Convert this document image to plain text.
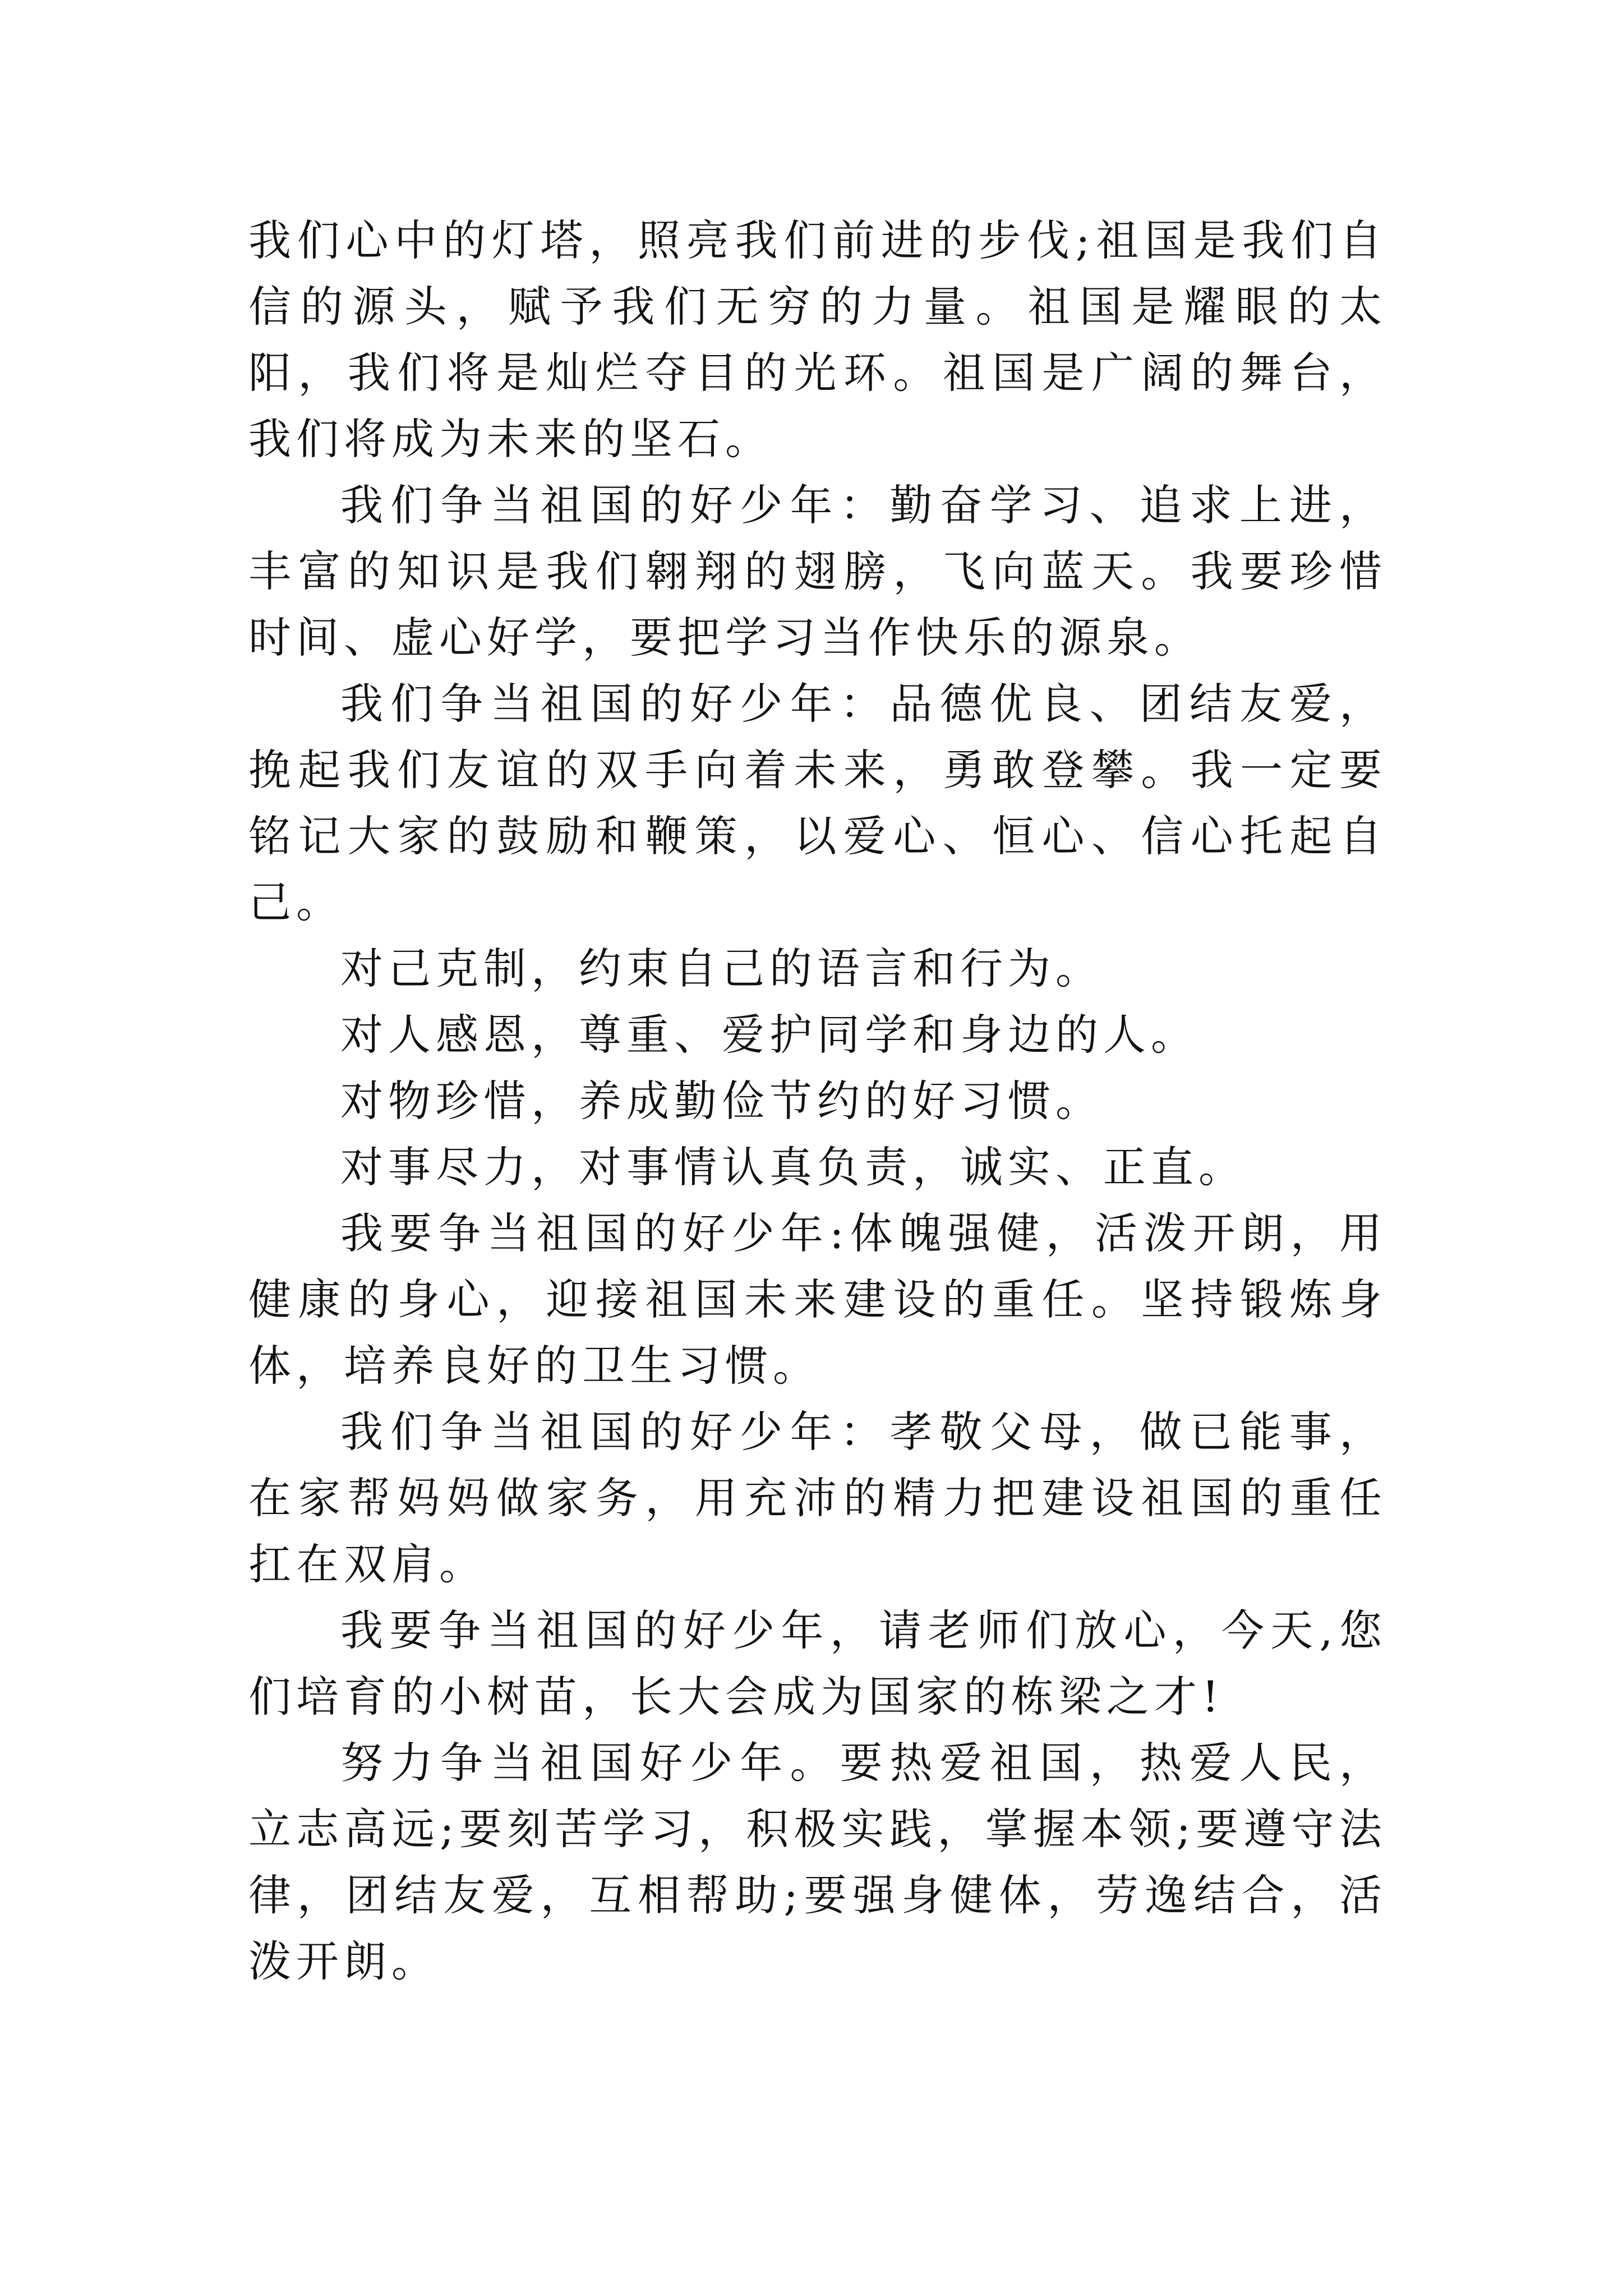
我们心中的灯塔，照亮我们前进的步伐;祖国是我们自信的源头，赋予我们无穷的力量。祖国是耀眼的太阳，我们将是灿烂夺目的光环。祖国是广阔的舞台，我们将成为未来的坚石。

我们争当祖国的好少年：勤奋学习、追求上进，丰富的知识是我们翱翔的翅膀，飞向蓝天。我要珍惜时间、虚心好学，要把学习当作快乐的源泉。

我们争当祖国的好少年：品德优良、团结友爱，挽起我们友谊的双手向着未来，勇敢登攀。我一定要铭记大家的鼓励和鞭策，以爱心、恒心、信心托起自己。

对己克制，约束自己的语言和行为。

对人感恩，尊重、爱护同学和身边的人。

对物珍惜，养成勤俭节约的好习惯。

对事尽力，对事情认真负责，诚实、正直。

我要争当祖国的好少年:体魄强健，活泼开朗，用健康的身心，迎接祖国未来建设的重任。坚持锻炼身体，培养良好的卫生习惯。

我们争当祖国的好少年：孝敬父母，做已能事，在家帮妈妈做家务，用充沛的精力把建设祖国的重任扛在双肩。

我要争当祖国的好少年，请老师们放心，今天,您们培育的小树苗，长大会成为国家的栋梁之才!

努力争当祖国好少年。要热爱祖国，热爱人民，立志高远;要刻苦学习，积极实践，掌握本领;要遵守法律，团结友爱，互相帮助;要强身健体，劳逸结合，活泼开朗。
